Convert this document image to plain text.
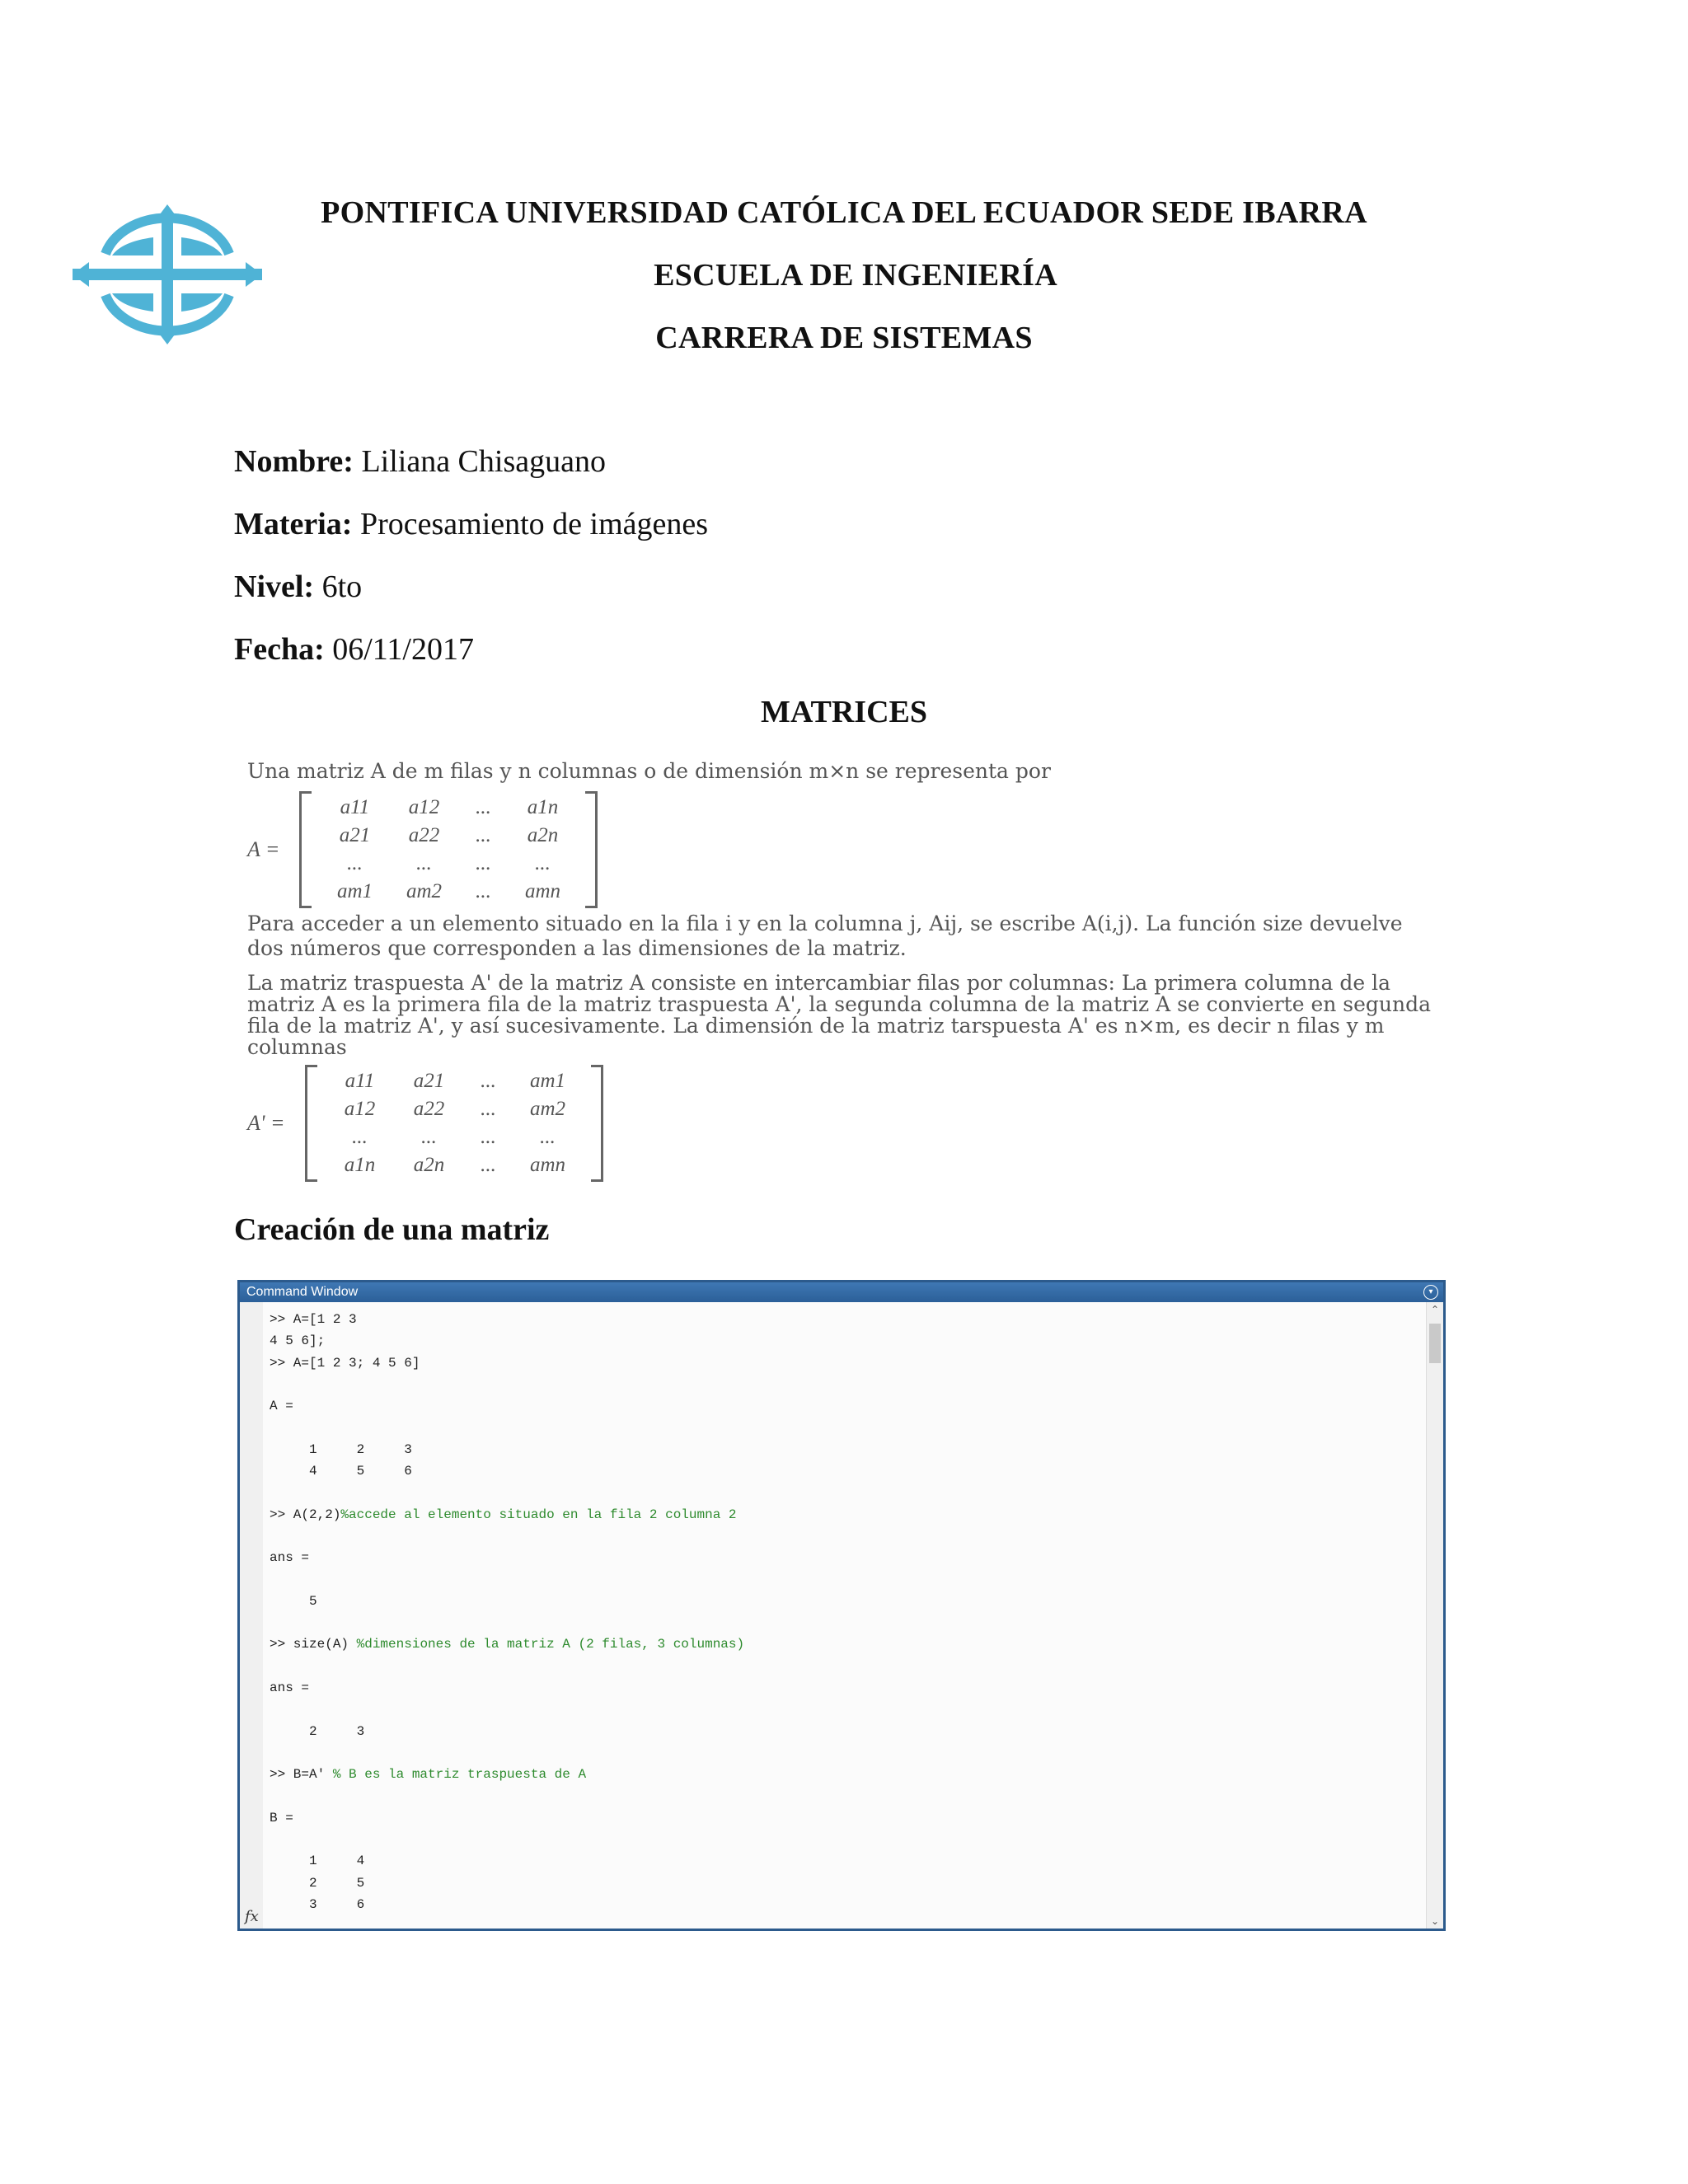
PONTIFICA UNIVERSIDAD CATÓLICA DEL ECUADOR SEDE IBARRA
ESCUELA DE INGENIERÍA
CARRERA DE SISTEMAS
Nombre: Liliana Chisaguano
Materia: Procesamiento de imágenes
Nivel: 6to
Fecha: 06/11/2017
MATRICES
Una matriz A de m filas y n columnas o de dimensión m×n se representa por
A =
a11	a12	...	a1n
a21	a22	...	a2n
...	...	...	...
am1	am2	...	amn
Para acceder a un elemento situado en la fila i y en la columna j, Aij, se escribe A(i,j). La función size devuelve
dos números que corresponden a las dimensiones de la matriz.
La matriz traspuesta A' de la matriz A consiste en intercambiar filas por columnas: La primera columna de la
matriz A es la primera fila de la matriz traspuesta A', la segunda columna de la matriz A se convierte en segunda
fila de la matriz A', y así sucesivamente. La dimensión de la matriz tarspuesta A' es n×m, es decir n filas y m
columnas
A' =
a11	a21	...	am1
a12	a22	...	am2
...	...	...	...
a1n	a2n	...	amn
Creación de una matriz
Command Window	▾
fx
>> A=[1 2 3
4 5 6];
>> A=[1 2 3; 4 5 6]
A =
1     2     3
4     5     6
>> A(2,2)%accede al elemento situado en la fila 2 columna 2
ans =
5
>> size(A) %dimensiones de la matriz A (2 filas, 3 columnas)
ans =
2     3
>> B=A' % B es la matriz traspuesta de A
B =
1     4
2     5
3     6
⌃
⌄
